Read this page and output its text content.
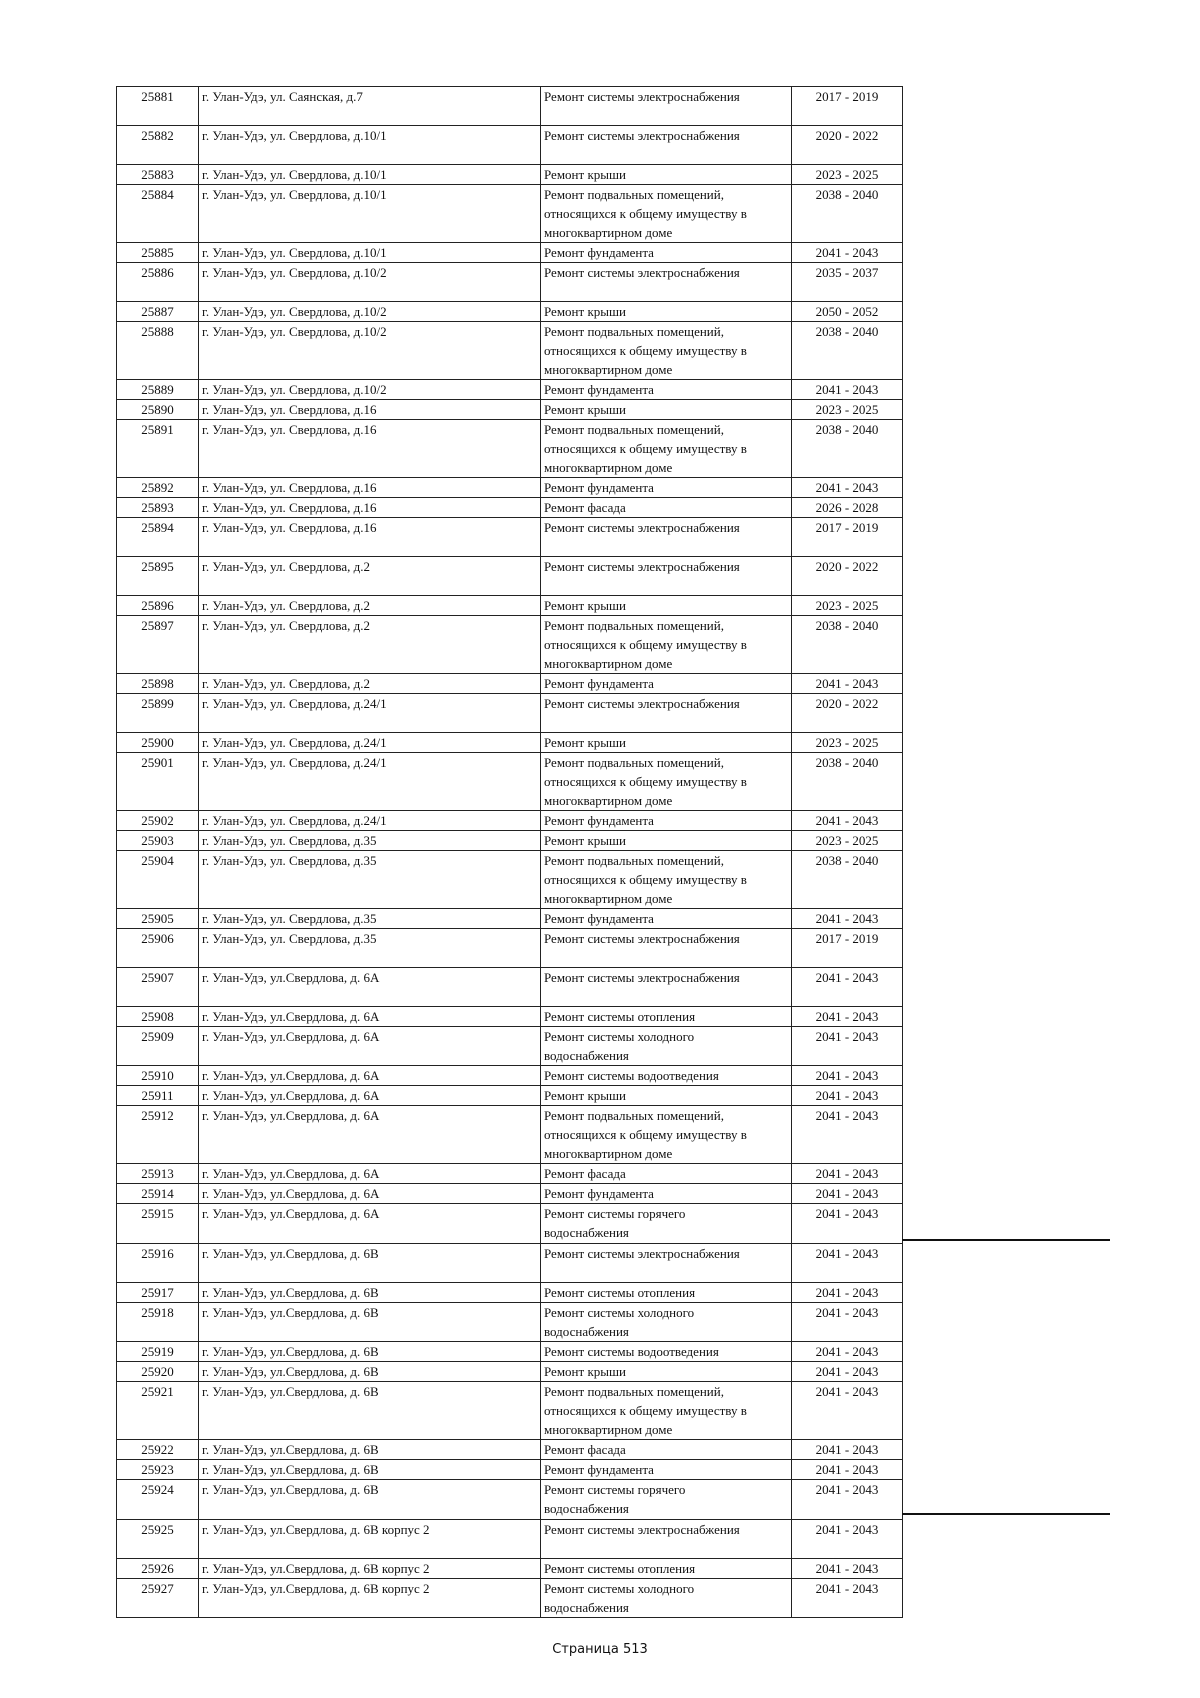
25881	г. Улан-Удэ, ул. Саянская, д.7	Ремонт системы электроснабжения	2017 - 2019
25882	г. Улан-Удэ, ул. Свердлова, д.10/1	Ремонт системы электроснабжения	2020 - 2022
25883	г. Улан-Удэ, ул. Свердлова, д.10/1	Ремонт крыши	2023 - 2025
25884	г. Улан-Удэ, ул. Свердлова, д.10/1	Ремонт подвальных помещений,
относящихся к общему имуществу в
многоквартирном доме	2038 - 2040
25885	г. Улан-Удэ, ул. Свердлова, д.10/1	Ремонт фундамента	2041 - 2043
25886	г. Улан-Удэ, ул. Свердлова, д.10/2	Ремонт системы электроснабжения	2035 - 2037
25887	г. Улан-Удэ, ул. Свердлова, д.10/2	Ремонт крыши	2050 - 2052
25888	г. Улан-Удэ, ул. Свердлова, д.10/2	Ремонт подвальных помещений,
относящихся к общему имуществу в
многоквартирном доме	2038 - 2040
25889	г. Улан-Удэ, ул. Свердлова, д.10/2	Ремонт фундамента	2041 - 2043
25890	г. Улан-Удэ, ул. Свердлова, д.16	Ремонт крыши	2023 - 2025
25891	г. Улан-Удэ, ул. Свердлова, д.16	Ремонт подвальных помещений,
относящихся к общему имуществу в
многоквартирном доме	2038 - 2040
25892	г. Улан-Удэ, ул. Свердлова, д.16	Ремонт фундамента	2041 - 2043
25893	г. Улан-Удэ, ул. Свердлова, д.16	Ремонт фасада	2026 - 2028
25894	г. Улан-Удэ, ул. Свердлова, д.16	Ремонт системы электроснабжения	2017 - 2019
25895	г. Улан-Удэ, ул. Свердлова, д.2	Ремонт системы электроснабжения	2020 - 2022
25896	г. Улан-Удэ, ул. Свердлова, д.2	Ремонт крыши	2023 - 2025
25897	г. Улан-Удэ, ул. Свердлова, д.2	Ремонт подвальных помещений,
относящихся к общему имуществу в
многоквартирном доме	2038 - 2040
25898	г. Улан-Удэ, ул. Свердлова, д.2	Ремонт фундамента	2041 - 2043
25899	г. Улан-Удэ, ул. Свердлова, д.24/1	Ремонт системы электроснабжения	2020 - 2022
25900	г. Улан-Удэ, ул. Свердлова, д.24/1	Ремонт крыши	2023 - 2025
25901	г. Улан-Удэ, ул. Свердлова, д.24/1	Ремонт подвальных помещений,
относящихся к общему имуществу в
многоквартирном доме	2038 - 2040
25902	г. Улан-Удэ, ул. Свердлова, д.24/1	Ремонт фундамента	2041 - 2043
25903	г. Улан-Удэ, ул. Свердлова, д.35	Ремонт крыши	2023 - 2025
25904	г. Улан-Удэ, ул. Свердлова, д.35	Ремонт подвальных помещений,
относящихся к общему имуществу в
многоквартирном доме	2038 - 2040
25905	г. Улан-Удэ, ул. Свердлова, д.35	Ремонт фундамента	2041 - 2043
25906	г. Улан-Удэ, ул. Свердлова, д.35	Ремонт системы электроснабжения	2017 - 2019
25907	г. Улан-Удэ, ул.Свердлова, д. 6А	Ремонт системы электроснабжения	2041 - 2043
25908	г. Улан-Удэ, ул.Свердлова, д. 6А	Ремонт системы отопления	2041 - 2043
25909	г. Улан-Удэ, ул.Свердлова, д. 6А	Ремонт системы холодного
водоснабжения	2041 - 2043
25910	г. Улан-Удэ, ул.Свердлова, д. 6А	Ремонт системы водоотведения	2041 - 2043
25911	г. Улан-Удэ, ул.Свердлова, д. 6А	Ремонт крыши	2041 - 2043
25912	г. Улан-Удэ, ул.Свердлова, д. 6А	Ремонт подвальных помещений,
относящихся к общему имуществу в
многоквартирном доме	2041 - 2043
25913	г. Улан-Удэ, ул.Свердлова, д. 6А	Ремонт фасада	2041 - 2043
25914	г. Улан-Удэ, ул.Свердлова, д. 6А	Ремонт фундамента	2041 - 2043
25915	г. Улан-Удэ, ул.Свердлова, д. 6А	Ремонт системы горячего
водоснабжения	2041 - 2043
25916	г. Улан-Удэ, ул.Свердлова, д. 6В	Ремонт системы электроснабжения	2041 - 2043
25917	г. Улан-Удэ, ул.Свердлова, д. 6В	Ремонт системы отопления	2041 - 2043
25918	г. Улан-Удэ, ул.Свердлова, д. 6В	Ремонт системы холодного
водоснабжения	2041 - 2043
25919	г. Улан-Удэ, ул.Свердлова, д. 6В	Ремонт системы водоотведения	2041 - 2043
25920	г. Улан-Удэ, ул.Свердлова, д. 6В	Ремонт крыши	2041 - 2043
25921	г. Улан-Удэ, ул.Свердлова, д. 6В	Ремонт подвальных помещений,
относящихся к общему имуществу в
многоквартирном доме	2041 - 2043
25922	г. Улан-Удэ, ул.Свердлова, д. 6В	Ремонт фасада	2041 - 2043
25923	г. Улан-Удэ, ул.Свердлова, д. 6В	Ремонт фундамента	2041 - 2043
25924	г. Улан-Удэ, ул.Свердлова, д. 6В	Ремонт системы горячего
водоснабжения	2041 - 2043
25925	г. Улан-Удэ, ул.Свердлова, д. 6В корпус 2	Ремонт системы электроснабжения	2041 - 2043
25926	г. Улан-Удэ, ул.Свердлова, д. 6В корпус 2	Ремонт системы отопления	2041 - 2043
25927	г. Улан-Удэ, ул.Свердлова, д. 6В корпус 2	Ремонт системы холодного
водоснабжения	2041 - 2043
Страница 513
